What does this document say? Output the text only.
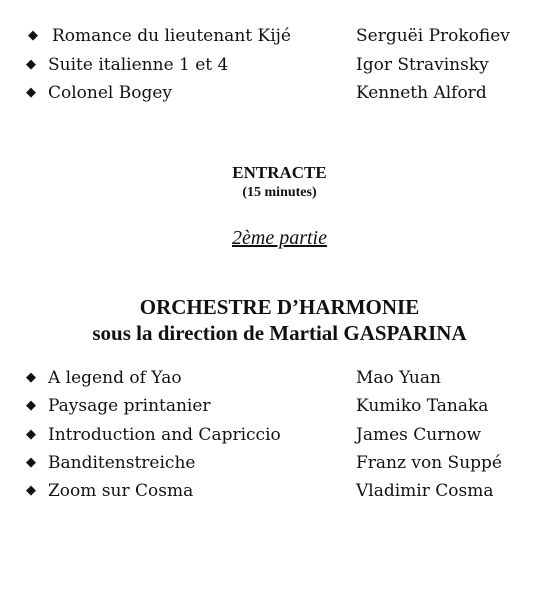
◆ Romance du lieutenant Kijé	Serguëi Prokofiev
◆ Suite italienne 1 et 4	Igor Stravinsky
◆ Colonel Bogey	Kenneth Alford
ENTRACTE
(15 minutes)
2ème partie
ORCHESTRE D’HARMONIE
sous la direction de Martial GASPARINA
◆ A legend of Yao	Mao Yuan
◆ Paysage printanier	Kumiko Tanaka
◆ Introduction and Capriccio	James Curnow
◆ Banditenstreiche	Franz von Suppé
◆ Zoom sur Cosma	Vladimir Cosma
